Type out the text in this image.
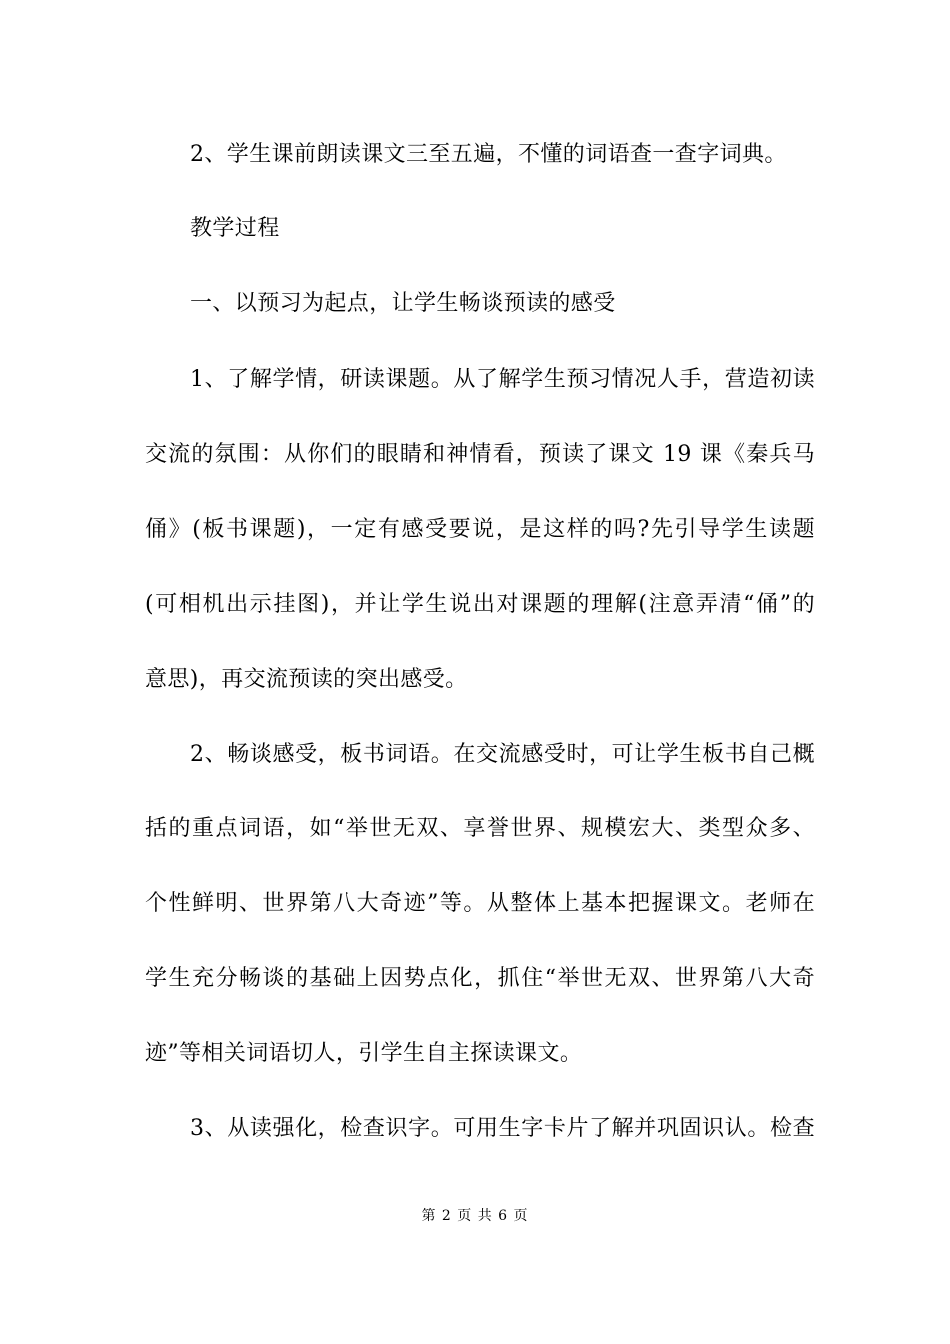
2、学生课前朗读课文三至五遍，不懂的词语查一查字词典。
教学过程
一、以预习为起点，让学生畅谈预读的感受
1、了解学情，研读课题。从了解学生预习情况人手，营造初读
交流的氛围：从你们的眼睛和神情看，预读了课文 19 课《秦兵马
俑》(板书课题)，一定有感受要说，是这样的吗?先引导学生读题
(可相机出示挂图)，并让学生说出对课题的理解(注意弄清“俑”的
意思)，再交流预读的突出感受。
2、畅谈感受，板书词语。在交流感受时，可让学生板书自己概
括的重点词语，如“举世无双、享誉世界、规模宏大、类型众多、
个性鲜明、世界第八大奇迹”等。从整体上基本把握课文。老师在
学生充分畅谈的基础上因势点化，抓住“举世无双、世界第八大奇
迹”等相关词语切人，引学生自主探读课文。
3、从读强化，检查识字。可用生字卡片了解并巩固识认。检查
第 2 页 共 6 页
